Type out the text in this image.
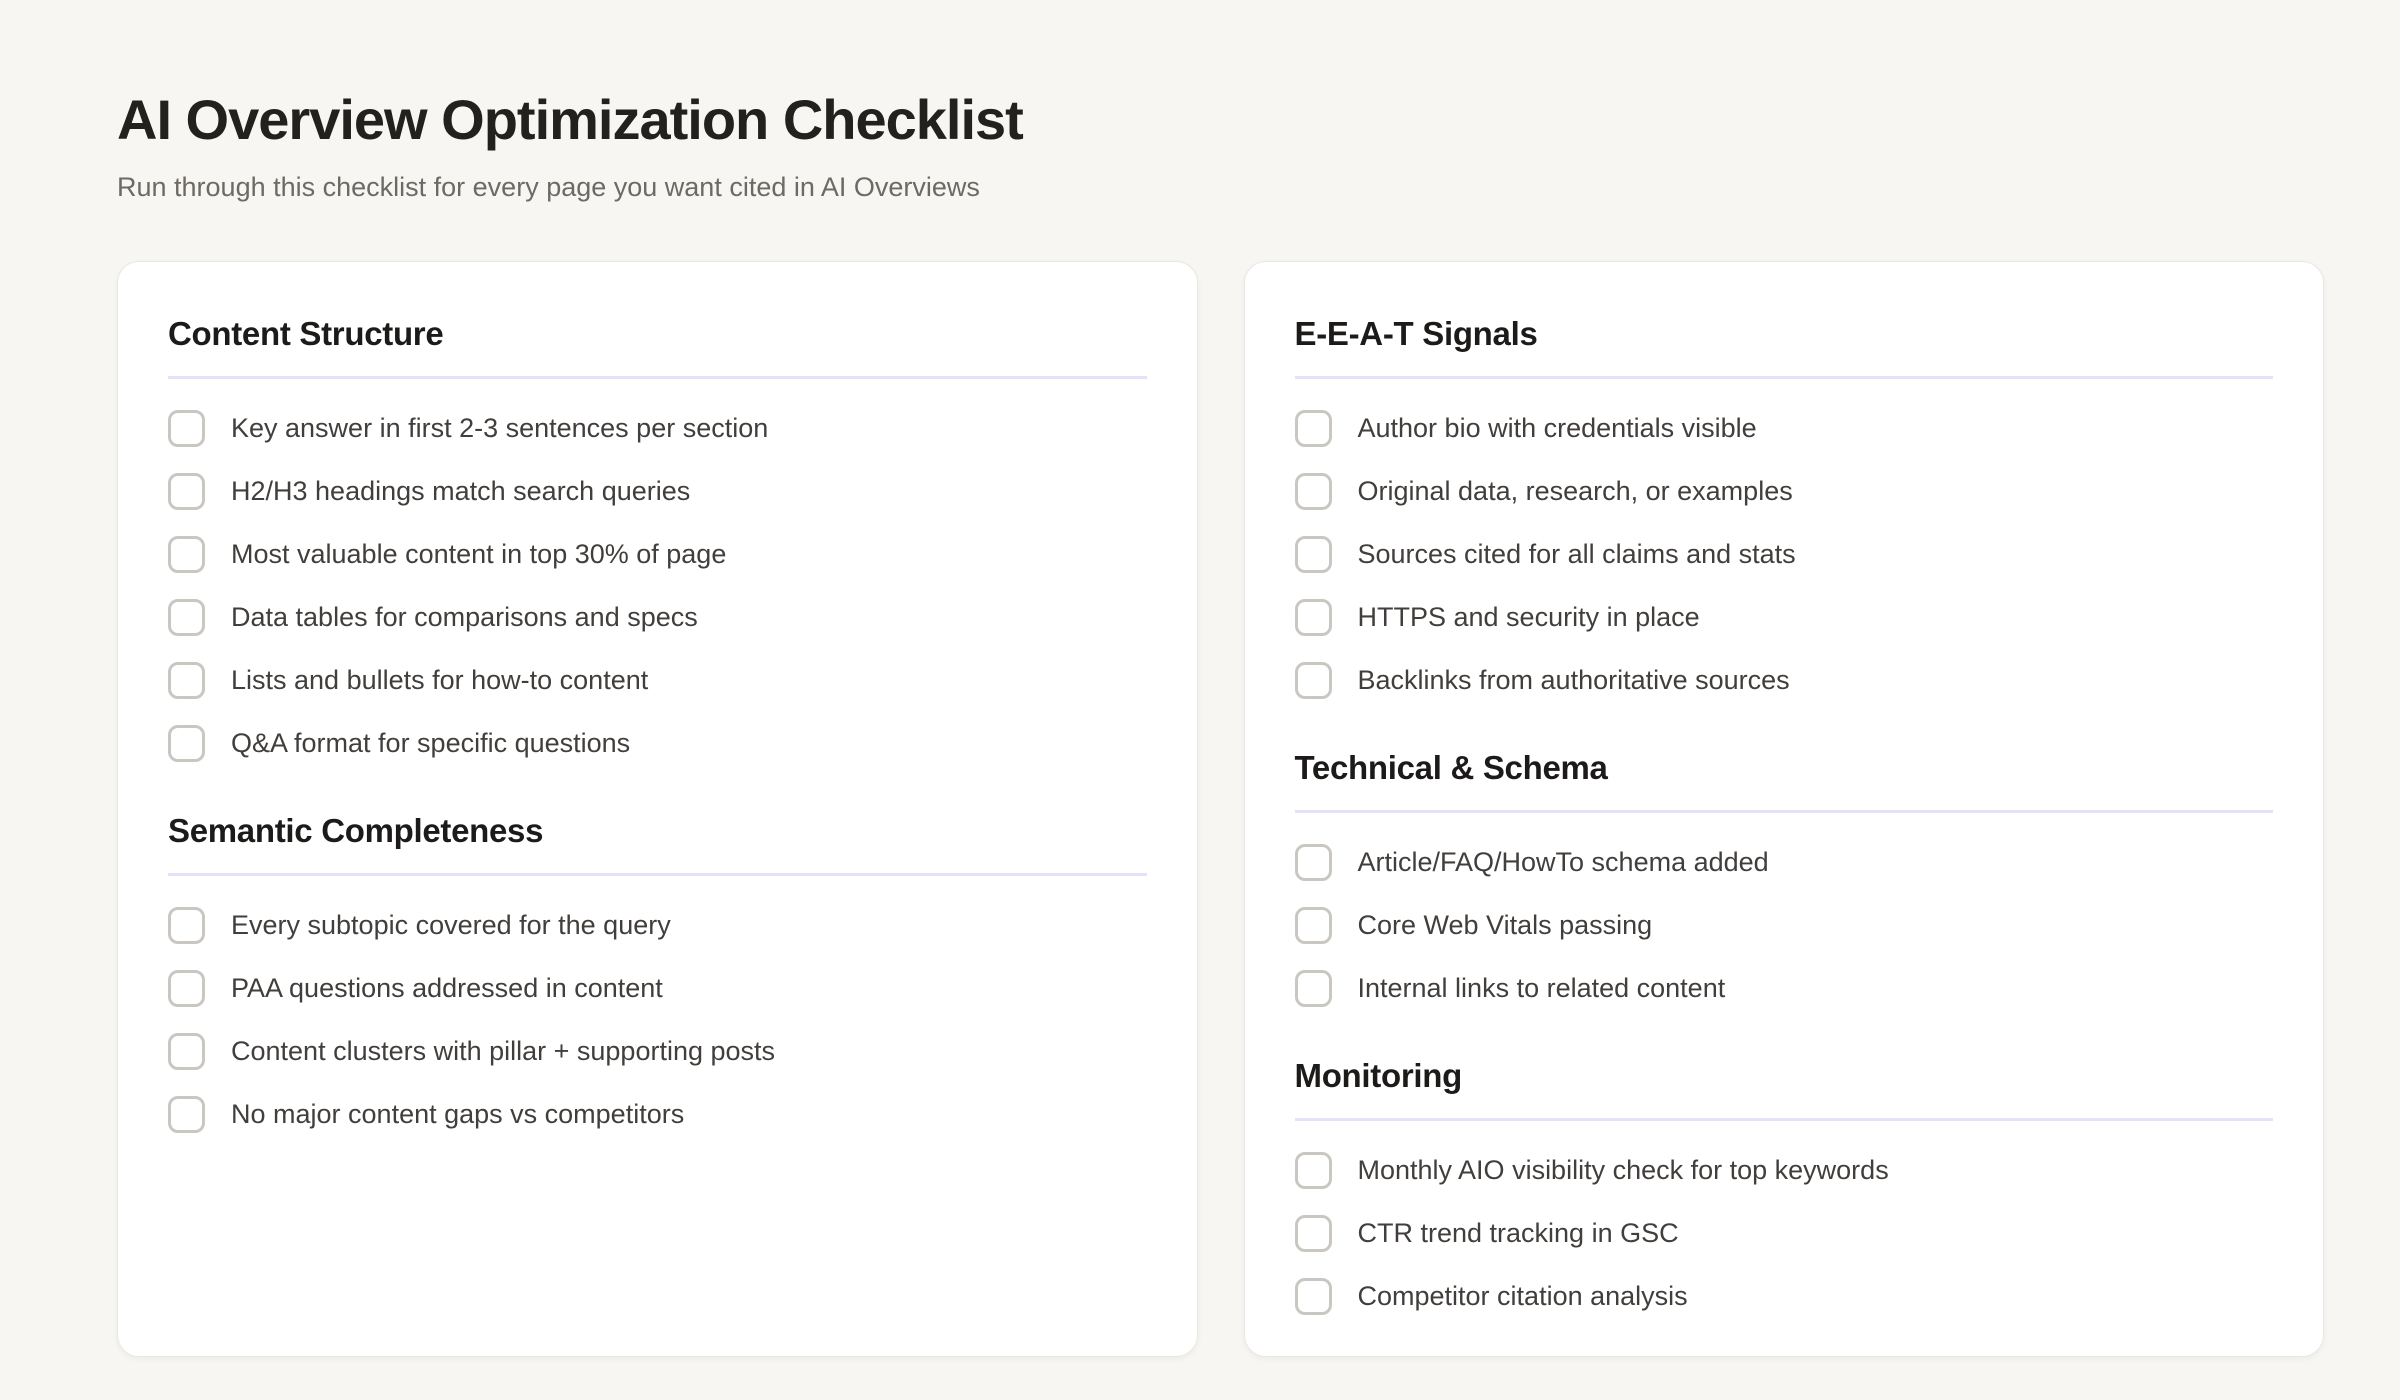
AI Overview Optimization Checklist

Run through this checklist for every page you want cited in AI Overviews

Content Structure
Key answer in first 2-3 sentences per section
H2/H3 headings match search queries
Most valuable content in top 30% of page
Data tables for comparisons and specs
Lists and bullets for how-to content
Q&A format for specific questions
Semantic Completeness
Every subtopic covered for the query
PAA questions addressed in content
Content clusters with pillar + supporting posts
No major content gaps vs competitors
E-E-A-T Signals
Author bio with credentials visible
Original data, research, or examples
Sources cited for all claims and stats
HTTPS and security in place
Backlinks from authoritative sources
Technical & Schema
Article/FAQ/HowTo schema added
Core Web Vitals passing
Internal links to related content
Monitoring
Monthly AIO visibility check for top keywords
CTR trend tracking in GSC
Competitor citation analysis
